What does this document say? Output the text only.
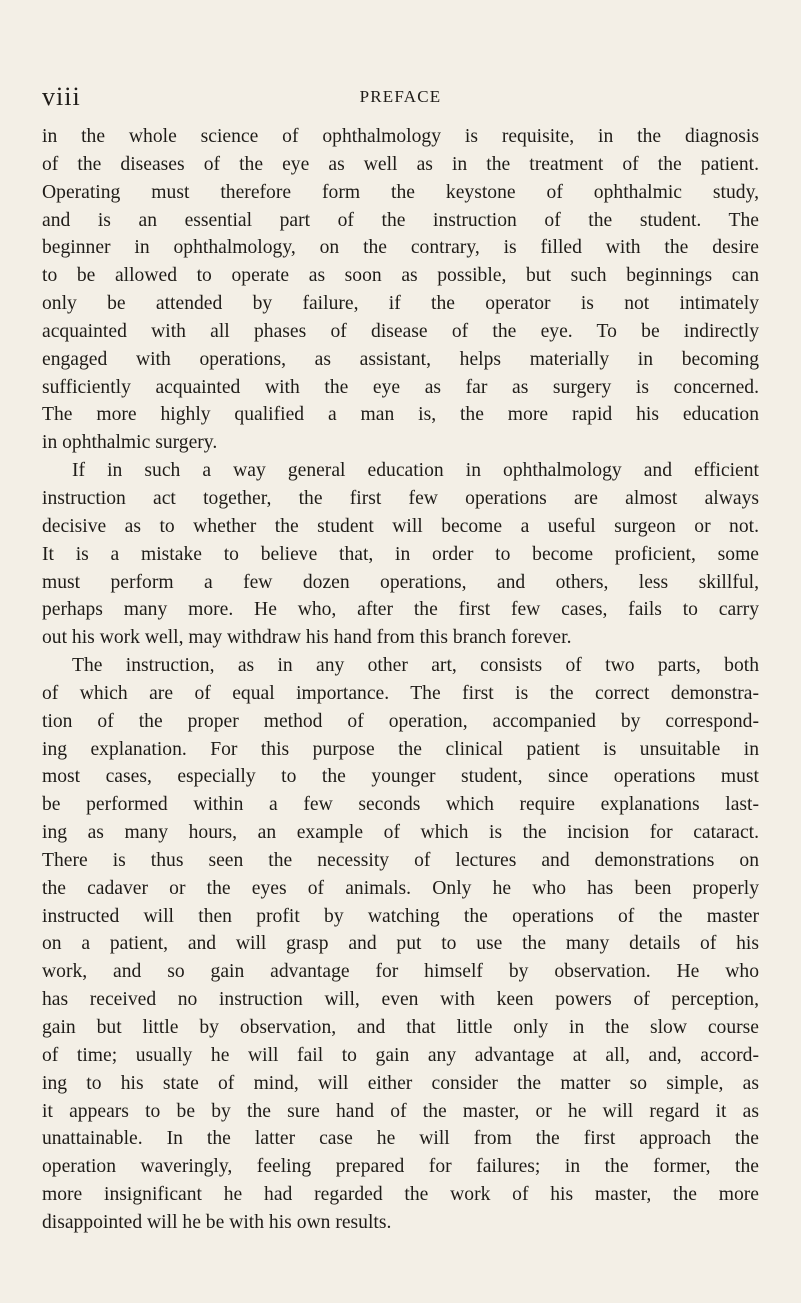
viii	PREFACE
in the whole science of ophthalmology is requisite, in the diagnosis
of the diseases of the eye as well as in the treatment of the patient.
Operating must therefore form the keystone of ophthalmic study,
and is an essential part of the instruction of the student. The
beginner in ophthalmology, on the contrary, is filled with the desire
to be allowed to operate as soon as possible, but such beginnings can
only be attended by failure, if the operator is not intimately
acquainted with all phases of disease of the eye. To be indirectly
engaged with operations, as assistant, helps materially in becoming
sufficiently acquainted with the eye as far as surgery is concerned.
The more highly qualified a man is, the more rapid his education
in ophthalmic surgery.
If in such a way general education in ophthalmology and efficient
instruction act together, the first few operations are almost always
decisive as to whether the student will become a useful surgeon or not.
It is a mistake to believe that, in order to become proficient, some
must perform a few dozen operations, and others, less skillful,
perhaps many more. He who, after the first few cases, fails to carry
out his work well, may withdraw his hand from this branch forever.
The instruction, as in any other art, consists of two parts, both
of which are of equal importance. The first is the correct demonstra-
tion of the proper method of operation, accompanied by correspond-
ing explanation. For this purpose the clinical patient is unsuitable in
most cases, especially to the younger student, since operations must
be performed within a few seconds which require explanations last-
ing as many hours, an example of which is the incision for cataract.
There is thus seen the necessity of lectures and demonstrations on
the cadaver or the eyes of animals. Only he who has been properly
instructed will then profit by watching the operations of the master
on a patient, and will grasp and put to use the many details of his
work, and so gain advantage for himself by observation. He who
has received no instruction will, even with keen powers of perception,
gain but little by observation, and that little only in the slow course
of time; usually he will fail to gain any advantage at all, and, accord-
ing to his state of mind, will either consider the matter so simple, as
it appears to be by the sure hand of the master, or he will regard it as
unattainable. In the latter case he will from the first approach the
operation waveringly, feeling prepared for failures; in the former, the
more insignificant he had regarded the work of his master, the more
disappointed will he be with his own results.
